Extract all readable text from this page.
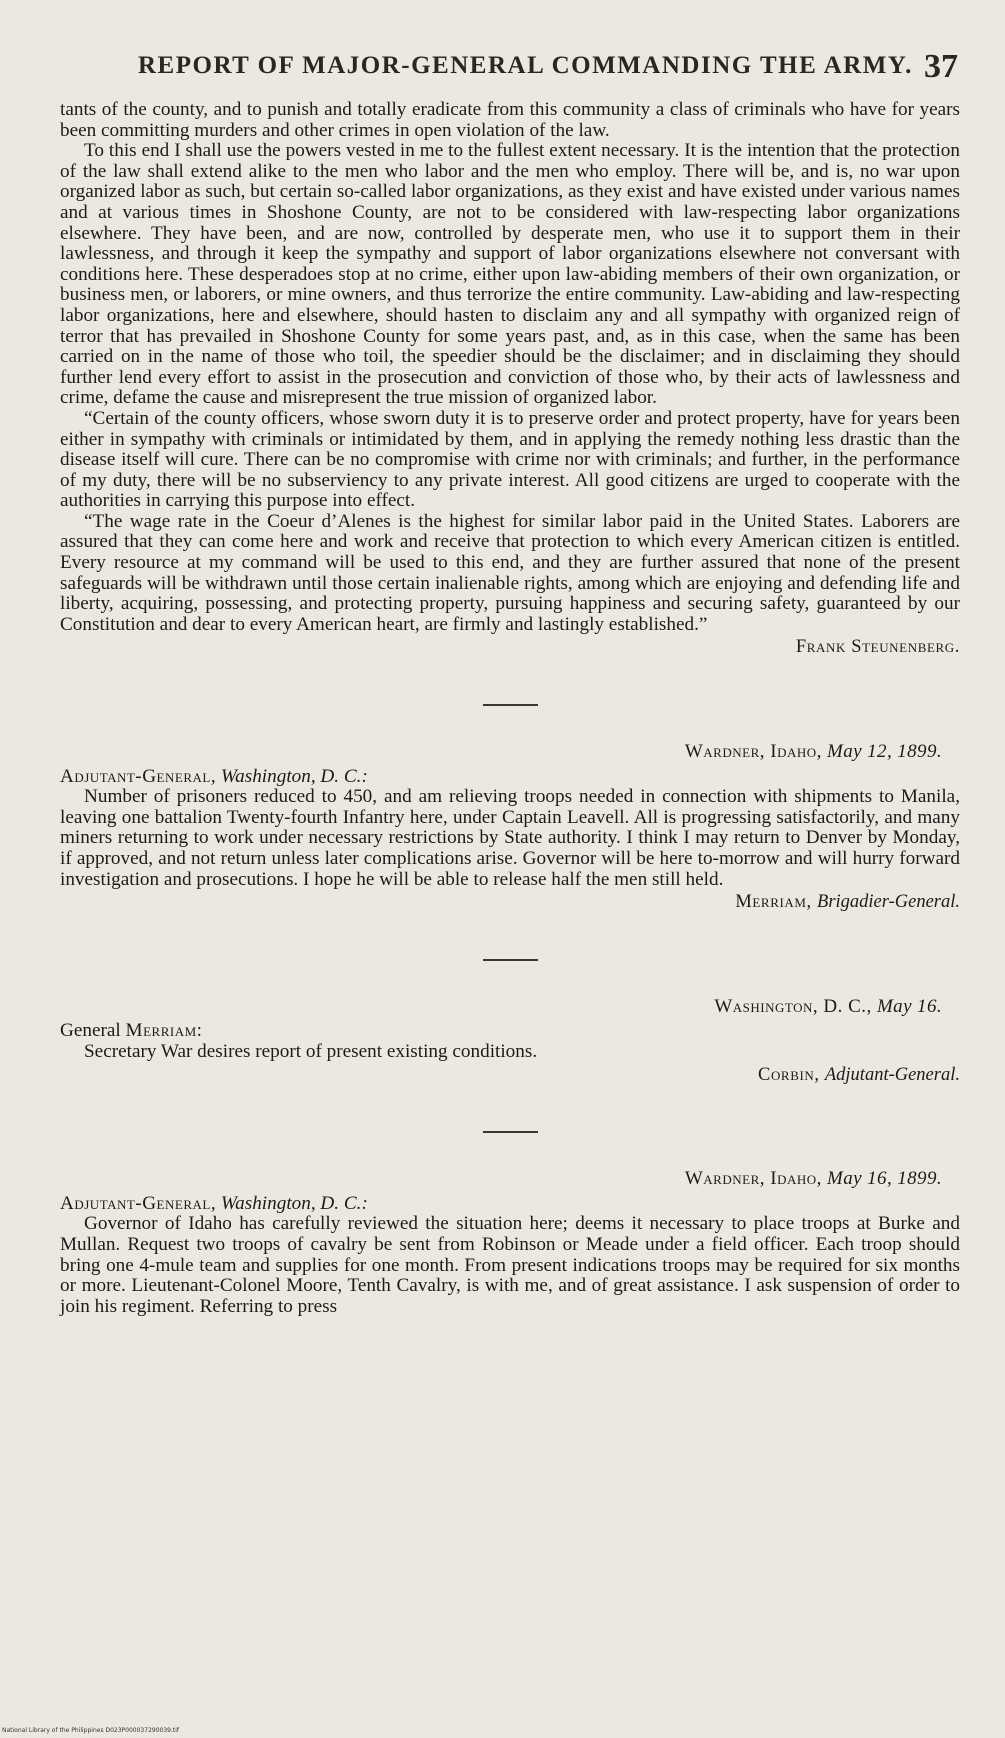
REPORT OF MAJOR-GENERAL COMMANDING THE ARMY. 37

tants of the county, and to punish and totally eradicate from this community a class of criminals who have for years been committing murders and other crimes in open violation of the law.

To this end I shall use the powers vested in me to the fullest extent necessary. It is the intention that the protection of the law shall extend alike to the men who labor and the men who employ. There will be, and is, no war upon organized labor as such, but certain so-called labor organizations, as they exist and have existed under various names and at various times in Shoshone County, are not to be considered with law-respecting labor organizations elsewhere. They have been, and are now, controlled by desperate men, who use it to support them in their lawlessness, and through it keep the sympathy and support of labor organizations elsewhere not conversant with conditions here. These desperadoes stop at no crime, either upon law-abiding members of their own organization, or business men, or laborers, or mine owners, and thus terrorize the entire community. Law-abiding and law-respecting labor organizations, here and elsewhere, should hasten to disclaim any and all sympathy with organized reign of terror that has prevailed in Shoshone County for some years past, and, as in this case, when the same has been carried on in the name of those who toil, the speedier should be the disclaimer; and in disclaiming they should further lend every effort to assist in the prosecution and conviction of those who, by their acts of lawlessness and crime, defame the cause and misrepresent the true mission of organized labor.

“Certain of the county officers, whose sworn duty it is to preserve order and protect property, have for years been either in sympathy with criminals or intimidated by them, and in applying the remedy nothing less drastic than the disease itself will cure. There can be no compromise with crime nor with criminals; and further, in the performance of my duty, there will be no subserviency to any private interest. All good citizens are urged to cooperate with the authorities in carrying this purpose into effect.

“The wage rate in the Coeur d’Alenes is the highest for similar labor paid in the United States. Laborers are assured that they can come here and work and receive that protection to which every American citizen is entitled. Every resource at my command will be used to this end, and they are further assured that none of the present safeguards will be withdrawn until those certain inalienable rights, among which are enjoying and defending life and liberty, acquiring, possessing, and protecting property, pursuing happiness and securing safety, guaranteed by our Constitution and dear to every American heart, are firmly and lastingly established.”

Frank Steunenberg.

Wardner, Idaho, May 12, 1899.

Adjutant-General, Washington, D. C.:

Number of prisoners reduced to 450, and am relieving troops needed in connection with shipments to Manila, leaving one battalion Twenty-fourth Infantry here, under Captain Leavell. All is progressing satisfactorily, and many miners returning to work under necessary restrictions by State authority. I think I may return to Denver by Monday, if approved, and not return unless later complications arise. Governor will be here to-morrow and will hurry forward investigation and prosecutions. I hope he will be able to release half the men still held.

Merriam, Brigadier-General.

Washington, D. C., May 16.

General Merriam:

Secretary War desires report of present existing conditions.

Corbin, Adjutant-General.

Wardner, Idaho, May 16, 1899.

Adjutant-General, Washington, D. C.:

Governor of Idaho has carefully reviewed the situation here; deems it necessary to place troops at Burke and Mullan. Request two troops of cavalry be sent from Robinson or Meade under a field officer. Each troop should bring one 4-mule team and supplies for one month. From present indications troops may be required for six months or more. Lieutenant-Colonel Moore, Tenth Cavalry, is with me, and of great assistance. I ask suspension of order to join his regiment. Referring to press

National Library of the Philippines D023P000037290039.tif
